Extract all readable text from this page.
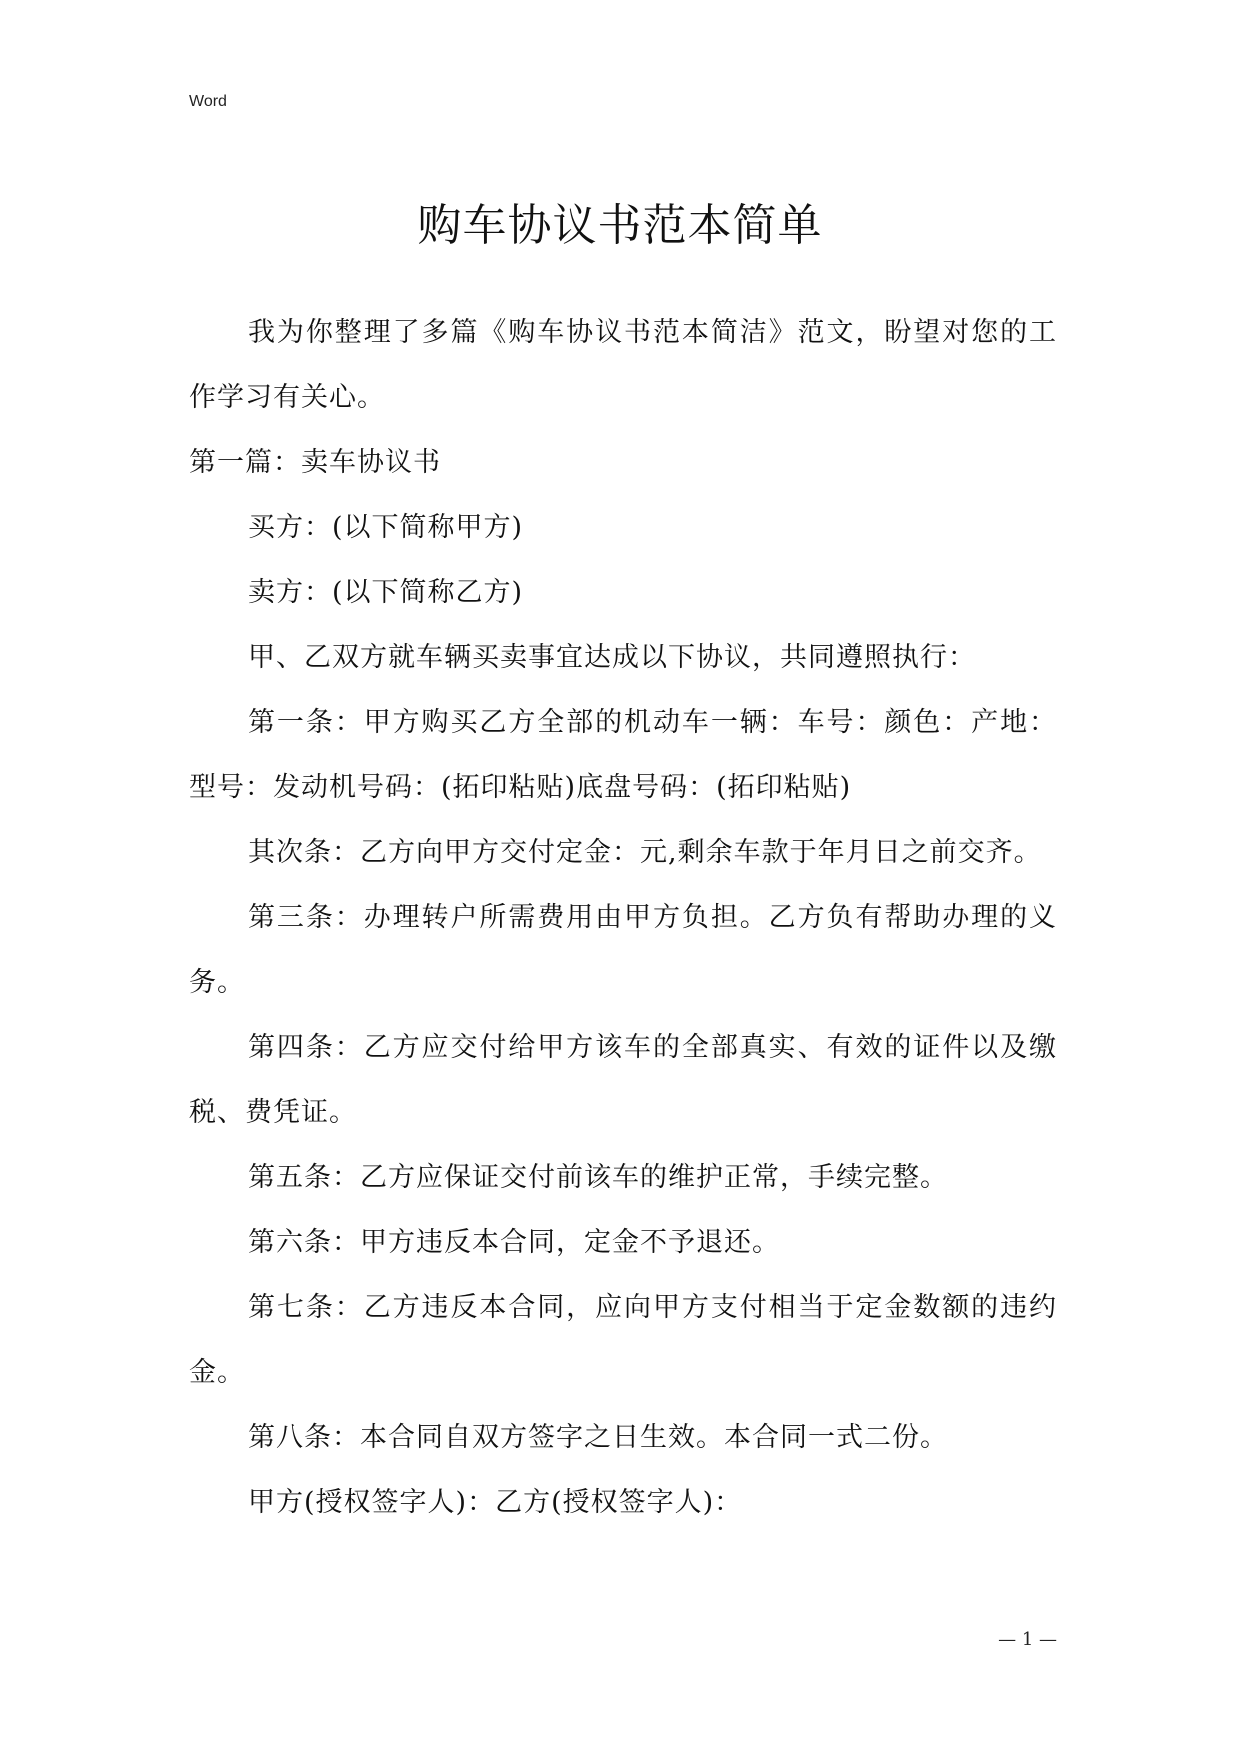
Word
购车协议书范本简单

我为你整理了多篇《购车协议书范本简洁》范文，盼望对您的工作学习有关心。

第一篇：卖车协议书

买方：(以下简称甲方)

卖方：(以下简称乙方)

甲、乙双方就车辆买卖事宜达成以下协议，共同遵照执行：

第一条：甲方购买乙方全部的机动车一辆：车号：颜色：产地：型号：发动机号码：(拓印粘贴)底盘号码：(拓印粘贴)

其次条：乙方向甲方交付定金：元,剩余车款于年月日之前交齐。

第三条：办理转户所需费用由甲方负担。乙方负有帮助办理的义务。

第四条：乙方应交付给甲方该车的全部真实、有效的证件以及缴税、费凭证。

第五条：乙方应保证交付前该车的维护正常，手续完整。

第六条：甲方违反本合同，定金不予退还。

第七条：乙方违反本合同，应向甲方支付相当于定金数额的违约金。

第八条：本合同自双方签字之日生效。本合同一式二份。

甲方(授权签字人)：乙方(授权签字人)：

— 1 —
